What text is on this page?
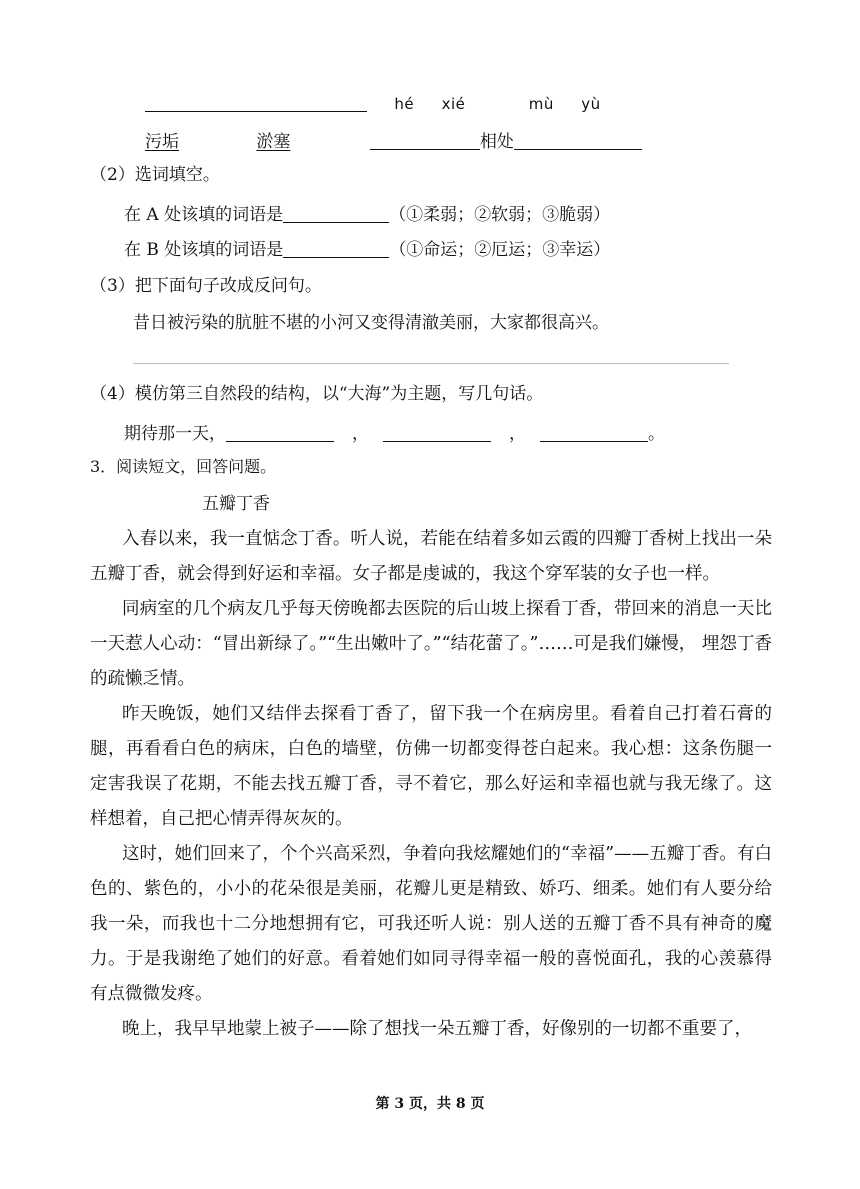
hé xié	mù yù
污垢	淤塞	相处
（2）选词填空。
在 A 处该填的词语是	（①柔弱；②软弱；③脆弱）
在 B 处该填的词语是	（①命运；②厄运；③幸运）
（3）把下面句子改成反问句。
昔日被污染的肮脏不堪的小河又变得清澈美丽，大家都很高兴。
（4）模仿第三自然段的结构，以“大海”为主题，写几句话。
期待那一天，	，	，	。
3．阅读短文，回答问题。
五瓣丁香
入春以来，我一直惦念丁香。听人说，若能在结着多如云霞的四瓣丁香树上找出一朵五瓣丁香，就会得到好运和幸福。女子都是虔诚的，我这个穿军装的女子也一样。
同病室的几个病友几乎每天傍晚都去医院的后山坡上探看丁香，带回来的消息一天比一天惹人心动：“冒出新绿了。”“生出嫩叶了。”“结花蕾了。”……可是我们嫌慢， 埋怨丁香的疏懒乏情。
昨天晚饭，她们又结伴去探看丁香了，留下我一个在病房里。看着自己打着石膏的腿，再看看白色的病床，白色的墙壁，仿佛一切都变得苍白起来。我心想：这条伤腿一定害我误了花期，不能去找五瓣丁香，寻不着它，那么好运和幸福也就与我无缘了。这样想着，自己把心情弄得灰灰的。
这时，她们回来了，个个兴高采烈，争着向我炫耀她们的“幸福”——五瓣丁香。有白色的、紫色的，小小的花朵很是美丽，花瓣儿更是精致、娇巧、细柔。她们有人要分给我一朵，而我也十二分地想拥有它，可我还听人说：别人送的五瓣丁香不具有神奇的魔力。于是我谢绝了她们的好意。看着她们如同寻得幸福一般的喜悦面孔，我的心羡慕得有点微微发疼。
晚上，我早早地蒙上被子——除了想找一朵五瓣丁香，好像别的一切都不重要了，
第 3 页，共 8 页
